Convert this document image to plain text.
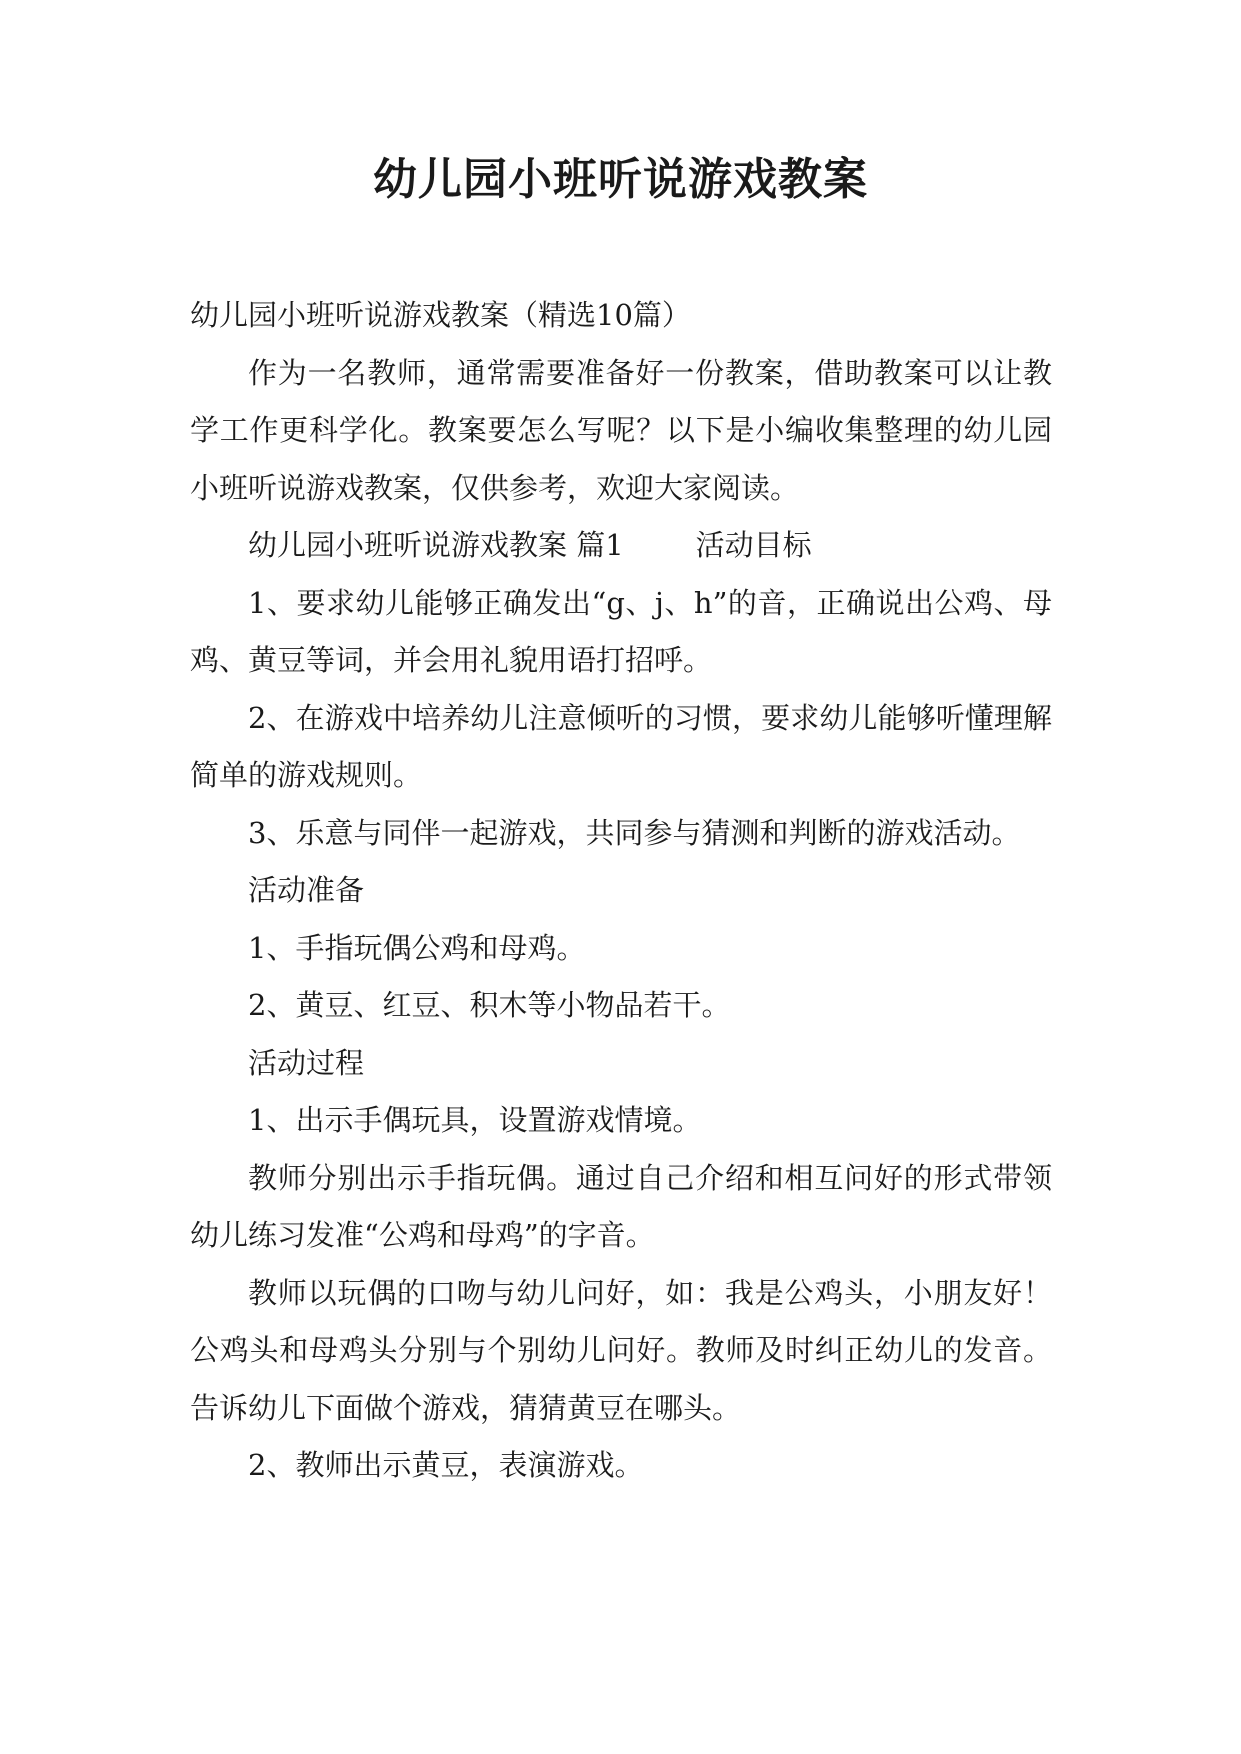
幼儿园小班听说游戏教案

幼儿园小班听说游戏教案（精选10篇）

作为一名教师，通常需要准备好一份教案，借助教案可以让教学工作更科学化。教案要怎么写呢？以下是小编收集整理的幼儿园小班听说游戏教案，仅供参考，欢迎大家阅读。

幼儿园小班听说游戏教案 篇1 活动目标

1、要求幼儿能够正确发出“g、j、h”的音，正确说出公鸡、母鸡、黄豆等词，并会用礼貌用语打招呼。

2、在游戏中培养幼儿注意倾听的习惯，要求幼儿能够听懂理解简单的游戏规则。

3、乐意与同伴一起游戏，共同参与猜测和判断的游戏活动。

活动准备

1、手指玩偶公鸡和母鸡。

2、黄豆、红豆、积木等小物品若干。

活动过程

1、出示手偶玩具，设置游戏情境。

教师分别出示手指玩偶。通过自己介绍和相互问好的形式带领幼儿练习发准“公鸡和母鸡”的字音。

教师以玩偶的口吻与幼儿问好，如：我是公鸡头，小朋友好！公鸡头和母鸡头分别与个别幼儿问好。教师及时纠正幼儿的发音。告诉幼儿下面做个游戏，猜猜黄豆在哪头。

2、教师出示黄豆，表演游戏。
